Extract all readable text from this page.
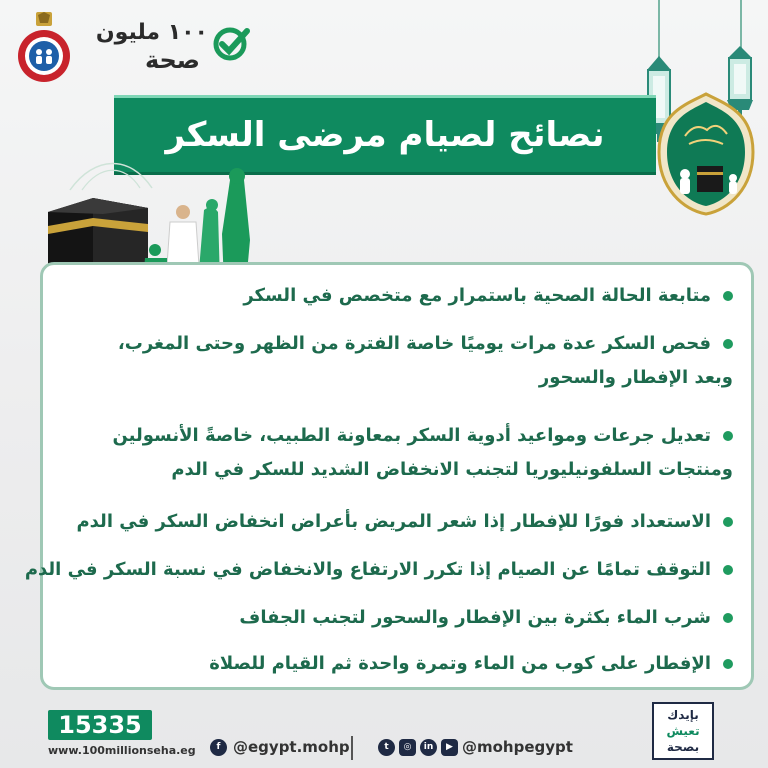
١٠٠ مليون
صحة
نصائح لصيام مرضى السكر
متابعة الحالة الصحية باستمرار مع متخصص في السكر
فحص السكر عدة مرات يوميًا خاصة الفترة من الظهر وحتى المغرب،
وبعد الإفطار والسحور
تعديل جرعات ومواعيد أدوية السكر بمعاونة الطبيب، خاصةً الأنسولين
ومنتجات السلفونيليوريا لتجنب الانخفاض الشديد للسكر في الدم
الاستعداد فورًا للإفطار إذا شعر المريض بأعراض انخفاض السكر في الدم
التوقف تمامًا عن الصيام إذا تكرر الارتفاع والانخفاض في نسبة السكر في الدم
شرب الماء بكثرة بين الإفطار والسحور لتجنب الجفاف
الإفطار على كوب من الماء وتمرة واحدة ثم القيام للصلاة
15335
www.100millionseha.eg	f @egypt.mohp	t	◎	in	▶ @mohpegypt
بإيدك
تعيش
بصحة
